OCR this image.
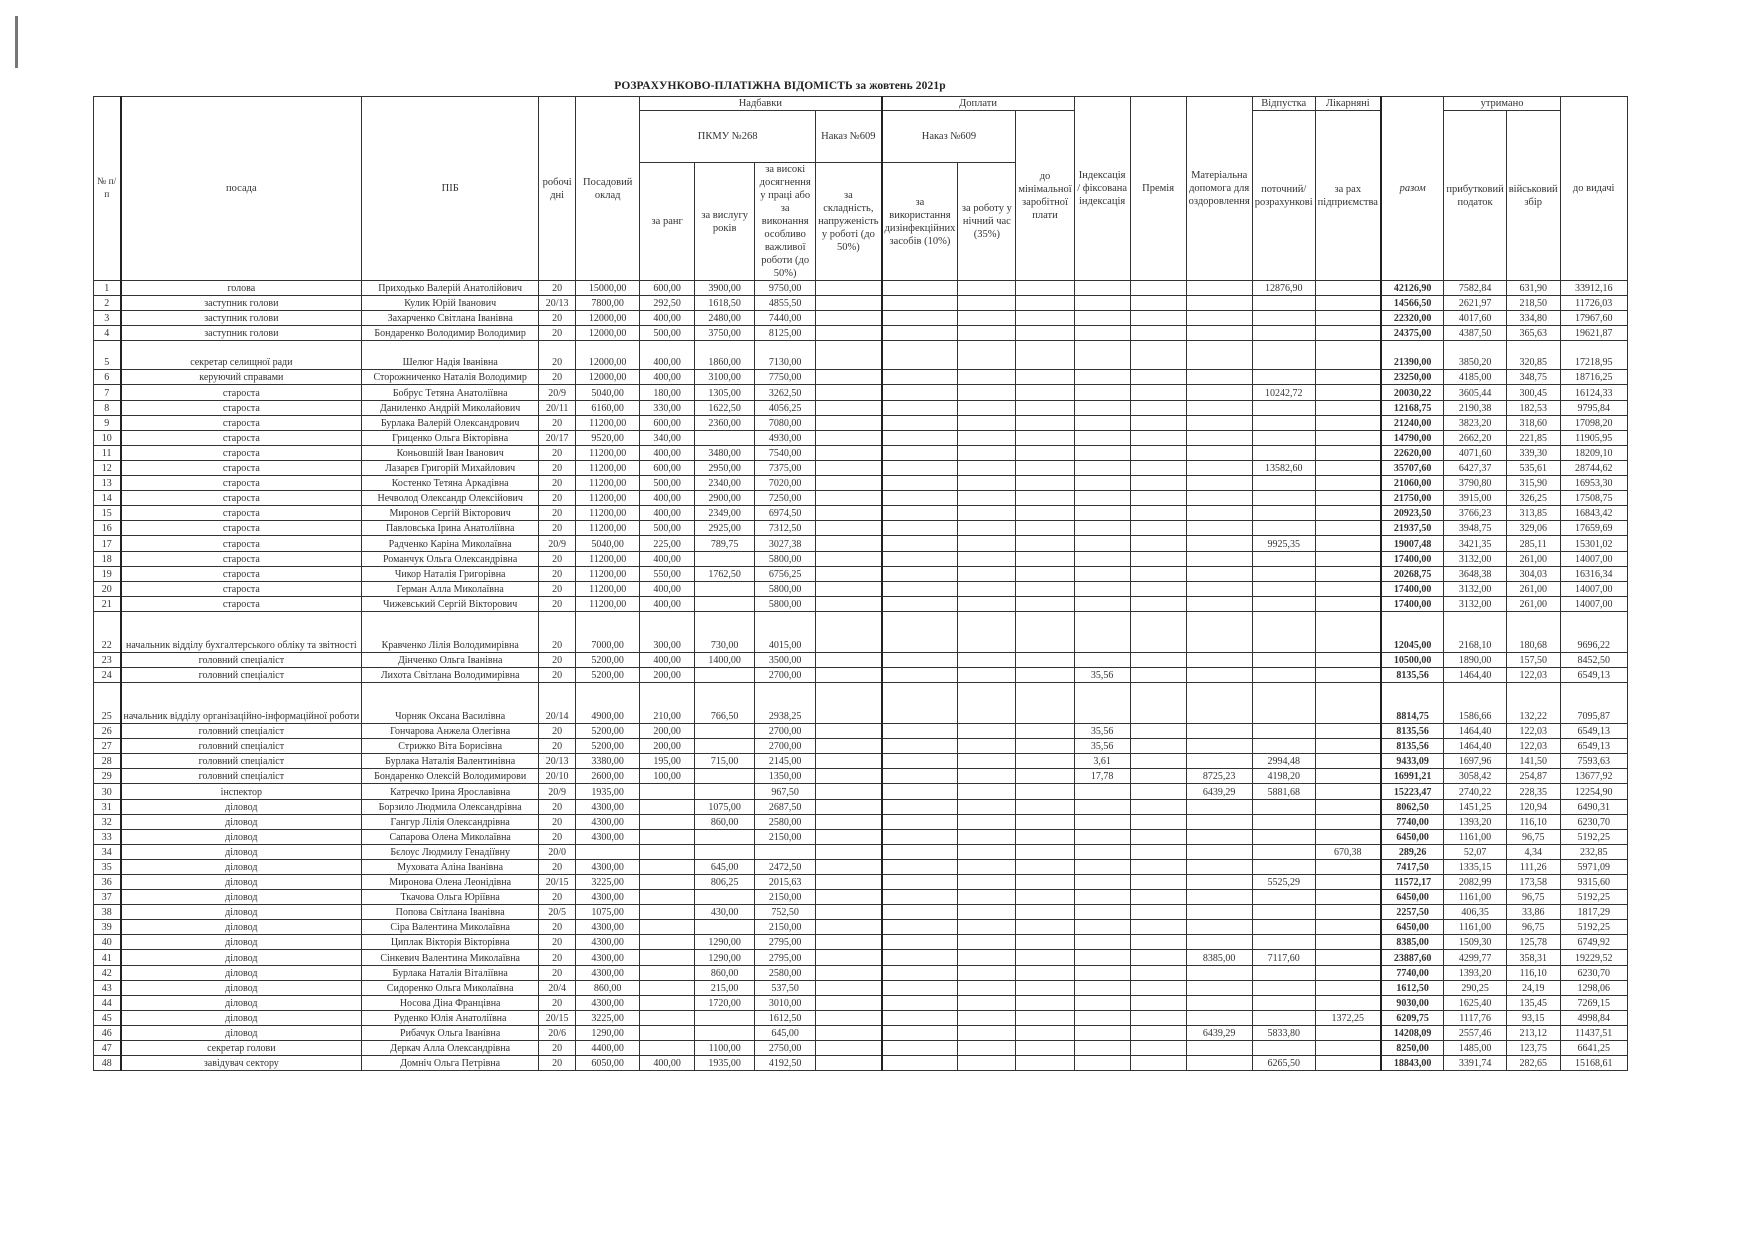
РОЗРАХУНКОВО-ПЛАТІЖНА ВІДОМІСТЬ за жовтень 2021р
№ п/п	посада	ПІБ	робочі дні	Посадовий оклад	Надбавки				Доплати			Індексація / фіксована індексація	Премія	Матеріальна допомога для оздоровлення	Відпустка	Лікарняні	разом	утримано		до видачі
					ПКМУ №268			Наказ №609	Наказ №609		до мінімальної заробітної плати				поточний/ розрахункові	за рах підприємства		прибутковий податок	військовий збір	
					за ранг	за вислугу років	за високі досягнення у праці або за виконання особливо важливої роботи (до 50%)	за складність, напруженість у роботі (до 50%)	за використання дизінфекційних засобів (10%)	за роботу у нічний час (35%)										
1	голова	Приходько Валерій Анатолійович	20	15000,00	600,00	3900,00	9750,00								12876,90		42126,90	7582,84	631,90	33912,16
2	заступник голови	Кулик Юрій Іванович	20/13	7800,00	292,50	1618,50	4855,50										14566,50	2621,97	218,50	11726,03
3	заступник голови	Захарченко Світлана Іванівна	20	12000,00	400,00	2480,00	7440,00										22320,00	4017,60	334,80	17967,60
4	заступник голови	Бондаренко Володимир Володимир	20	12000,00	500,00	3750,00	8125,00										24375,00	4387,50	365,63	19621,87
5	секретар селищної ради	Шелюг Надія Іванівна	20	12000,00	400,00	1860,00	7130,00										21390,00	3850,20	320,85	17218,95
6	керуючий справами	Сторожниченко Наталія Володимир	20	12000,00	400,00	3100,00	7750,00										23250,00	4185,00	348,75	18716,25
7	староста	Бобрус Тетяна Анатоліївна	20/9	5040,00	180,00	1305,00	3262,50								10242,72		20030,22	3605,44	300,45	16124,33
8	староста	Даниленко Андрій Миколайович	20/11	6160,00	330,00	1622,50	4056,25										12168,75	2190,38	182,53	9795,84
9	староста	Бурлака Валерій Олександрович	20	11200,00	600,00	2360,00	7080,00										21240,00	3823,20	318,60	17098,20
10	староста	Гриценко Ольга Вікторівна	20/17	9520,00	340,00		4930,00										14790,00	2662,20	221,85	11905,95
11	староста	Коньовшій Іван Іванович	20	11200,00	400,00	3480,00	7540,00										22620,00	4071,60	339,30	18209,10
12	староста	Лазарєв Григорій Михайлович	20	11200,00	600,00	2950,00	7375,00								13582,60		35707,60	6427,37	535,61	28744,62
13	староста	Костенко Тетяна Аркадівна	20	11200,00	500,00	2340,00	7020,00										21060,00	3790,80	315,90	16953,30
14	староста	Нечволод Олександр Олексійович	20	11200,00	400,00	2900,00	7250,00										21750,00	3915,00	326,25	17508,75
15	староста	Миронов Сергій Вікторович	20	11200,00	400,00	2349,00	6974,50										20923,50	3766,23	313,85	16843,42
16	староста	Павловська Ірина Анатоліївна	20	11200,00	500,00	2925,00	7312,50										21937,50	3948,75	329,06	17659,69
17	староста	Радченко Каріна Миколаївна	20/9	5040,00	225,00	789,75	3027,38								9925,35		19007,48	3421,35	285,11	15301,02
18	староста	Романчук Ольга Олександрівна	20	11200,00	400,00		5800,00										17400,00	3132,00	261,00	14007,00
19	староста	Чикор Наталія Григорівна	20	11200,00	550,00	1762,50	6756,25										20268,75	3648,38	304,03	16316,34
20	староста	Герман Алла Миколаївна	20	11200,00	400,00		5800,00										17400,00	3132,00	261,00	14007,00
21	староста	Чижевський Сергій Вікторович	20	11200,00	400,00		5800,00										17400,00	3132,00	261,00	14007,00
22	начальник відділу бухгалтерського обліку та звітності	Кравченко Лілія Володимирівна	20	7000,00	300,00	730,00	4015,00										12045,00	2168,10	180,68	9696,22
23	головний спеціаліст	Дінченко Ольга Іванівна	20	5200,00	400,00	1400,00	3500,00										10500,00	1890,00	157,50	8452,50
24	головний спеціаліст	Лихота Світлана Володимирівна	20	5200,00	200,00		2700,00					35,56					8135,56	1464,40	122,03	6549,13
25	начальник відділу організаційно-інформаційної роботи	Чорняк Оксана Василівна	20/14	4900,00	210,00	766,50	2938,25										8814,75	1586,66	132,22	7095,87
26	головний спеціаліст	Гончарова Анжела Олегівна	20	5200,00	200,00		2700,00					35,56					8135,56	1464,40	122,03	6549,13
27	головний спеціаліст	Стрижко Віта Борисівна	20	5200,00	200,00		2700,00					35,56					8135,56	1464,40	122,03	6549,13
28	головний спеціаліст	Бурлака Наталія Валентинівна	20/13	3380,00	195,00	715,00	2145,00					3,61			2994,48		9433,09	1697,96	141,50	7593,63
29	головний спеціаліст	Бондаренко Олексій Володимирови	20/10	2600,00	100,00		1350,00					17,78		8725,23	4198,20		16991,21	3058,42	254,87	13677,92
30	інспектор	Катречко Ірина Ярославівна	20/9	1935,00			967,50							6439,29	5881,68		15223,47	2740,22	228,35	12254,90
31	діловод	Борзило Людмила Олександрівна	20	4300,00		1075,00	2687,50										8062,50	1451,25	120,94	6490,31
32	діловод	Гангур Лілія Олександрівна	20	4300,00		860,00	2580,00										7740,00	1393,20	116,10	6230,70
33	діловод	Сапарова Олена Миколаївна	20	4300,00			2150,00										6450,00	1161,00	96,75	5192,25
34	діловод	Бєлоус Людмилу Генадіївну	20/0													670,38	289,26	52,07	4,34	232,85
35	діловод	Муховата Аліна Іванівна	20	4300,00		645,00	2472,50										7417,50	1335,15	111,26	5971,09
36	діловод	Миронова Олена Леонідівна	20/15	3225,00		806,25	2015,63								5525,29		11572,17	2082,99	173,58	9315,60
37	діловод	Ткачова Ольга Юріївна	20	4300,00			2150,00										6450,00	1161,00	96,75	5192,25
38	діловод	Попова Світлана Іванівна	20/5	1075,00		430,00	752,50										2257,50	406,35	33,86	1817,29
39	діловод	Сіра Валентина Миколаївна	20	4300,00			2150,00										6450,00	1161,00	96,75	5192,25
40	діловод	Циплак Вікторія Вікторівна	20	4300,00		1290,00	2795,00										8385,00	1509,30	125,78	6749,92
41	діловод	Сінкевич Валентина Миколаївна	20	4300,00		1290,00	2795,00							8385,00	7117,60		23887,60	4299,77	358,31	19229,52
42	діловод	Бурлака Наталія Віталіївна	20	4300,00		860,00	2580,00										7740,00	1393,20	116,10	6230,70
43	діловод	Сидоренко Ольга Миколаївна	20/4	860,00		215,00	537,50										1612,50	290,25	24,19	1298,06
44	діловод	Носова Діна Францівна	20	4300,00		1720,00	3010,00										9030,00	1625,40	135,45	7269,15
45	діловод	Руденко Юлія Анатоліївна	20/15	3225,00			1612,50									1372,25	6209,75	1117,76	93,15	4998,84
46	діловод	Рибачук Ольга Іванівна	20/6	1290,00			645,00							6439,29	5833,80		14208,09	2557,46	213,12	11437,51
47	секретар голови	Деркач Алла Олександрівна	20	4400,00		1100,00	2750,00										8250,00	1485,00	123,75	6641,25
48	завідувач сектору	Домніч Ольга Петрівна	20	6050,00	400,00	1935,00	4192,50								6265,50		18843,00	3391,74	282,65	15168,61
